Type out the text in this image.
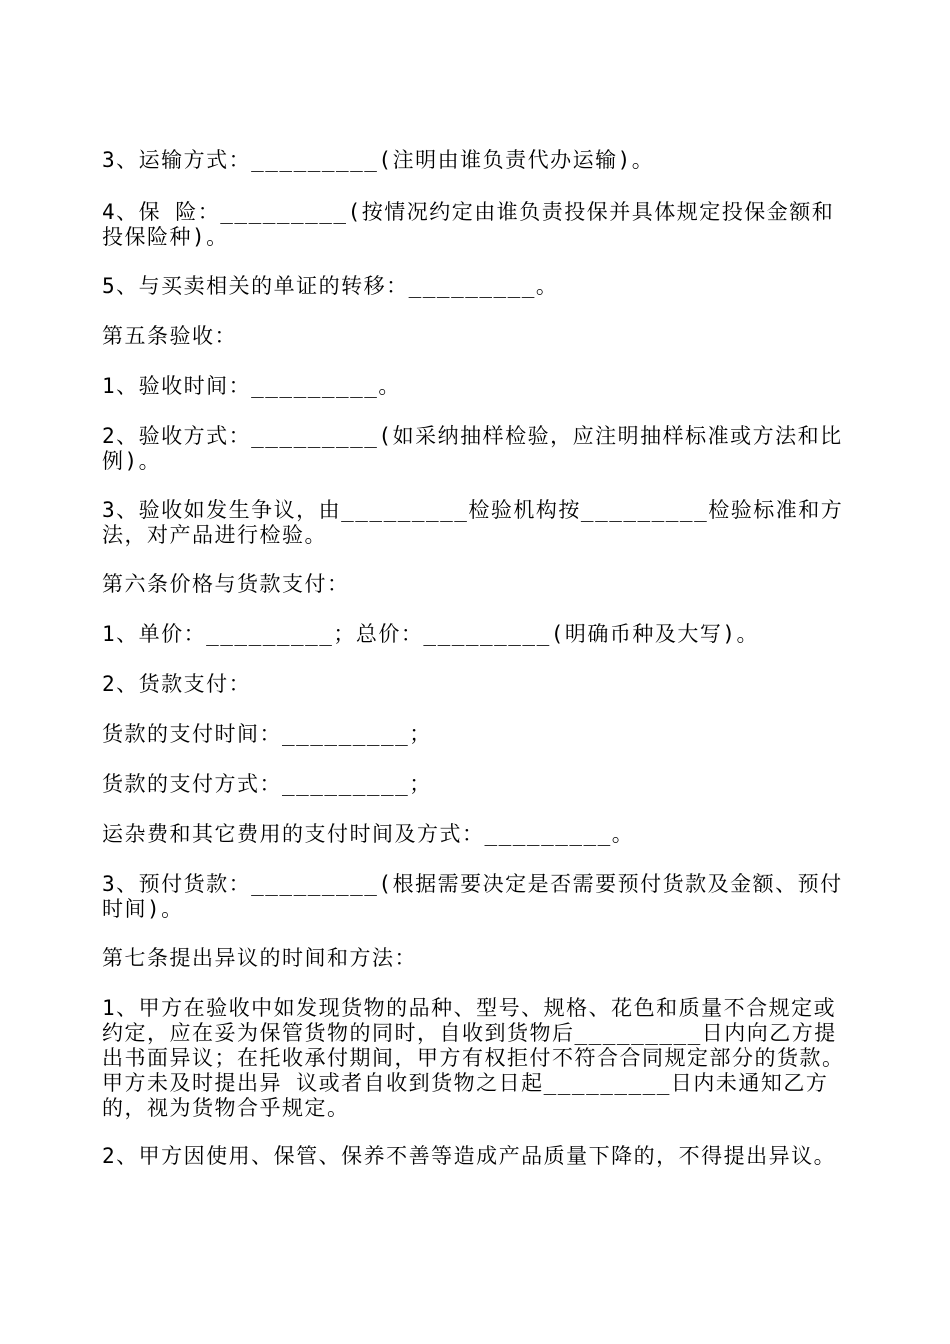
3、运输方式：_________(注明由谁负责代办运输)。

4、保 险：_________(按情况约定由谁负责投保并具体规定投保金额和投保险种)。

5、与买卖相关的单证的转移：_________。

第五条验收：

1、验收时间：_________。

2、验收方式：_________(如采纳抽样检验，应注明抽样标准或方法和比例)。

3、验收如发生争议，由_________检验机构按_________检验标准和方法，对产品进行检验。

第六条价格与货款支付：

1、单价：_________；总价：_________(明确币种及大写)。

2、货款支付：

货款的支付时间：_________；

货款的支付方式：_________；

运杂费和其它费用的支付时间及方式：_________。

3、预付货款：_________(根据需要决定是否需要预付货款及金额、预付时间)。

第七条提出异议的时间和方法：

1、甲方在验收中如发现货物的品种、型号、规格、花色和质量不合规定或约定，应在妥为保管货物的同时，自收到货物后_________日内向乙方提出书面异议；在托收承付期间，甲方有权拒付不符合合同规定部分的货款。甲方未及时提出异 议或者自收到货物之日起_________日内未通知乙方的，视为货物合乎规定。

2、甲方因使用、保管、保养不善等造成产品质量下降的，不得提出异议。
